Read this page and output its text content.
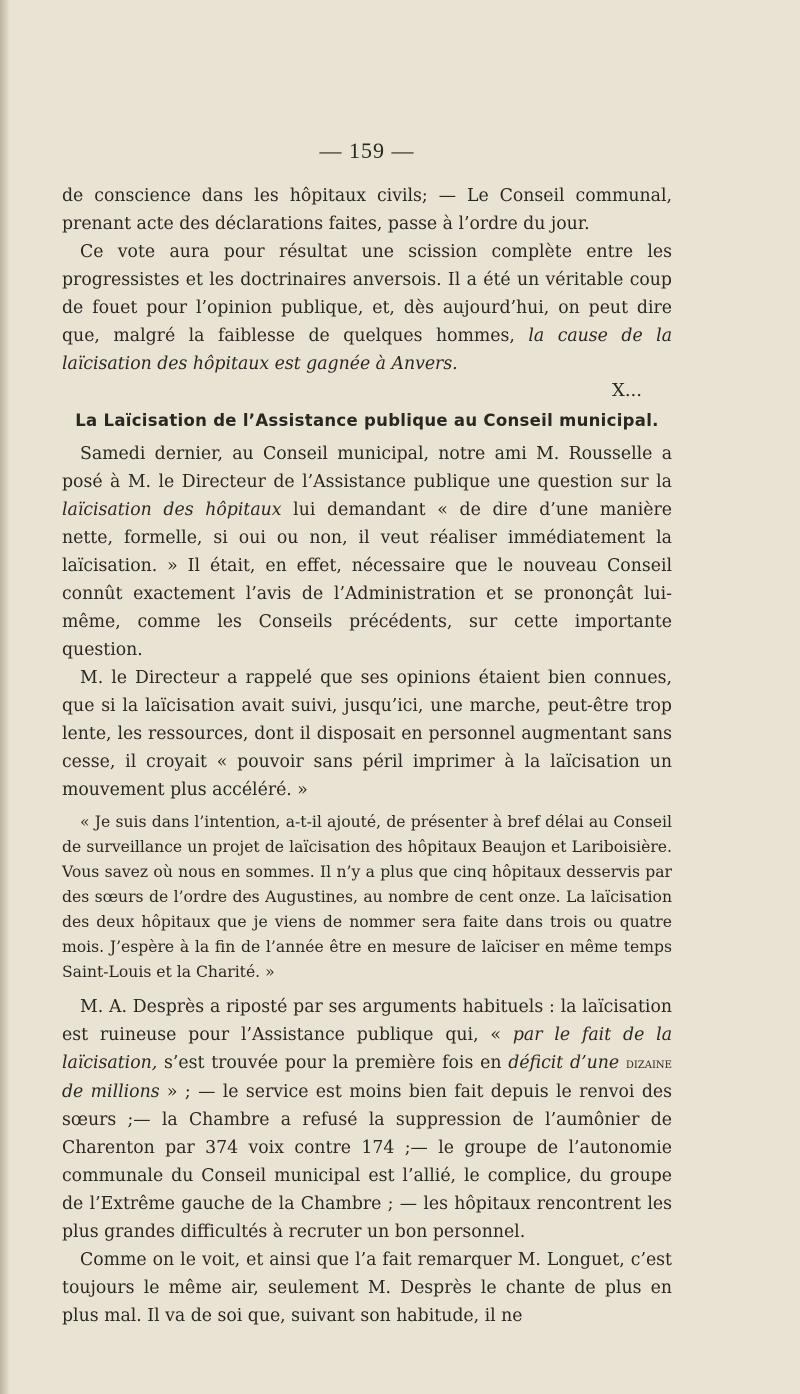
— 159 —

de conscience dans les hôpitaux civils; — Le Conseil communal, prenant acte des déclarations faites, passe à l’ordre du jour.

Ce vote aura pour résultat une scission complète entre les progressistes et les doctrinaires anversois. Il a été un véritable coup de fouet pour l’opinion publique, et, dès aujourd’hui, on peut dire que, malgré la faiblesse de quelques hommes, la cause de la laïcisation des hôpitaux est gagnée à Anvers.

X...
La Laïcisation de l’Assistance publique au Conseil municipal.

Samedi dernier, au Conseil municipal, notre ami M. Rousselle a posé à M. le Directeur de l’Assistance publique une question sur la laïcisation des hôpitaux lui demandant « de dire d’une manière nette, formelle, si oui ou non, il veut réaliser immédiatement la laïcisation. » Il était, en effet, nécessaire que le nouveau Conseil connût exactement l’avis de l’Administration et se prononçât lui-même, comme les Conseils précédents, sur cette importante question.

M. le Directeur a rappelé que ses opinions étaient bien connues, que si la laïcisation avait suivi, jusqu’ici, une marche, peut-être trop lente, les ressources, dont il disposait en personnel augmentant sans cesse, il croyait « pouvoir sans péril imprimer à la laïcisation un mouvement plus accéléré. »

« Je suis dans l’intention, a-t-il ajouté, de présenter à bref délai au Conseil de surveillance un projet de laïcisation des hôpitaux Beaujon et Lariboisière. Vous savez où nous en sommes. Il n’y a plus que cinq hôpitaux desservis par des sœurs de l’ordre des Augustines, au nombre de cent onze. La laïcisation des deux hôpitaux que je viens de nommer sera faite dans trois ou quatre mois. J’espère à la fin de l’année être en mesure de laïciser en même temps Saint-Louis et la Charité. »

M. A. Desprès a riposté par ses arguments habituels : la laïcisation est ruineuse pour l’Assistance publique qui, « par le fait de la laïcisation, s’est trouvée pour la première fois en déficit d’une dizaine de millions » ; — le service est moins bien fait depuis le renvoi des sœurs ;— la Chambre a refusé la suppression de l’aumônier de Charenton par 374 voix contre 174 ;— le groupe de l’autonomie communale du Conseil municipal est l’allié, le complice, du groupe de l’Extrême gauche de la Chambre ; — les hôpitaux rencontrent les plus grandes difficultés à recruter un bon personnel.

Comme on le voit, et ainsi que l’a fait remarquer M. Longuet, c’est toujours le même air, seulement M. Desprès le chante de plus en plus mal. Il va de soi que, suivant son habitude, il ne
